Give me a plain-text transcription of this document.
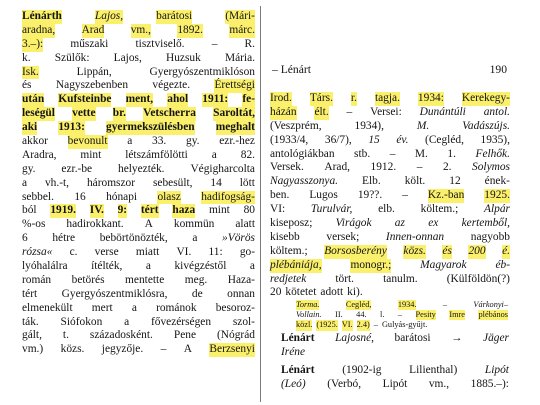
– Lénárt	190
Lénárth	Lajos,	barátosi	(Mári-
aradna, Arad vm., 1892. márc.
3.–): műszaki tisztviselő. – R.
k. Szülők: Lajos, Huzsuk Mária.
Isk.	Lippán,	Gyergyószentmiklóson
és Nagyszebenben végezte. Érettségi
után Kufsteinbe ment, ahol 1911: fe-
leségül vette br. Vetscherra Saroltát,
aki 1913: gyermekszülésben meghalt
akkor bevonult a 33. gy. ezr.-hez
Aradra, mint létszámfölötti a 82.
gy. ezr.-be helyezték. Végigharcolta
a vh.-t, háromszor sebesült, 14 lött
sebbel. 16 hónapi olasz hadifogság-
ból 1919. IV. 9: tért haza mint 80
%-os hadirokkant. A kommün alatt
6 hétre bebörtönözték, a »Vörös
rózsa« c. verse miatt VI. 11: go-
lyóhalálra ítélték, a kivégzéstől a
román betörés mentette meg. Haza-
tért Gyergyószentmiklósra, de onnan
elmenekült mert a románok besoroz-
ták. Siófokon a fővezérségen szol-
gált, t. századosként. Pene (Nógrád
vm.) közs. jegyzője. – A Berzsenyi
Irod. Társ. r. tagja. 1934: Kerekegy-
házán élt. – Versei: Dunántúli antol.
(Veszprém,	1934),	M.	Vadászújs.
(1933/4, 36/7), 15 év. (Cegléd, 1935),
antológiákban stb. – M. 1. Felhők.
Versek. Arad, 1912. – 2. Solymos
Nagyasszonya. Elb. költ. 12 ének-
ben. Lugos 19??. – Kz.-ban 1925.
VI: Turulvár, elb. költem.; Alpár
kiseposz; Virágok az ex kertemből,
kisebb versek; Innen-onnan nagyobb
költem.; Borsosberény közs. és 200 é.
plébániája,	monogr.;	Magyarok	éb-
redjetek	tört.	tanulm.	(Külföldön(?)
20 kötetet adott ki).
Torma.	Cegléd,	1934.	–	Várkonyi–
Vollain. II. 44. l. – Pesity Imre plébános
közl. (1925. VI. 2.4) – Gulyás-gyűjt.
Lénárt Lajosné, barátosi → Jäger
Iréne
Lénárt (1902-ig Lilienthal) Lipót
(Leó) (Verbó, Lipót vm., 1885.–):
